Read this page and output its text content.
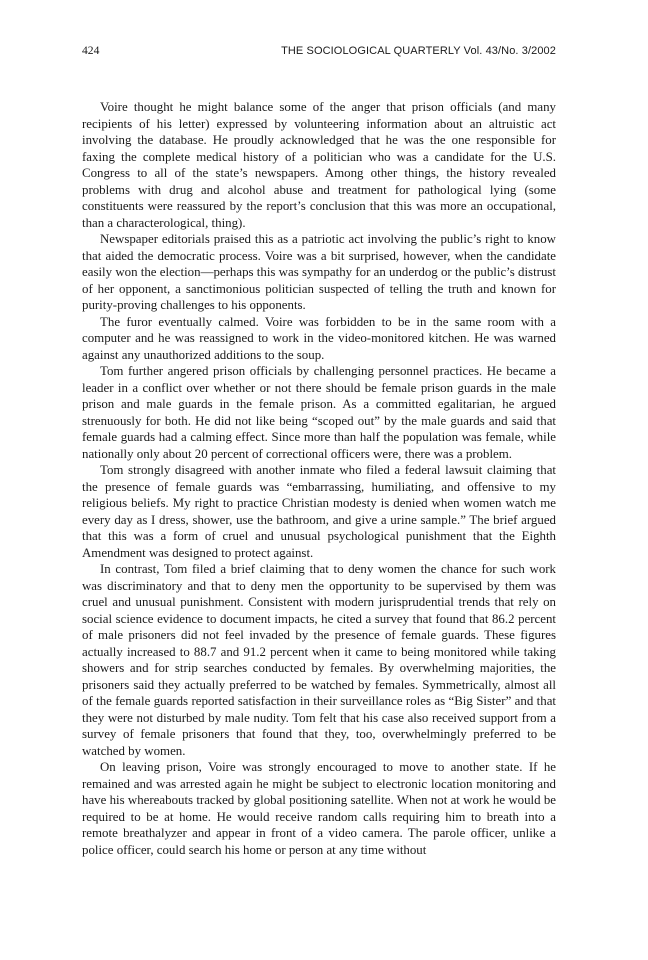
424	THE SOCIOLOGICAL QUARTERLY Vol. 43/No. 3/2002

Voire thought he might balance some of the anger that prison officials (and many recipients of his letter) expressed by volunteering information about an altruistic act involving the database. He proudly acknowledged that he was the one responsible for faxing the complete medical history of a politician who was a candidate for the U.S. Congress to all of the state’s newspapers. Among other things, the history revealed problems with drug and alcohol abuse and treatment for pathological lying (some constituents were reassured by the report’s conclusion that this was more an occupational, than a characterological, thing).

Newspaper editorials praised this as a patriotic act involving the public’s right to know that aided the democratic process. Voire was a bit surprised, however, when the candidate easily won the election—perhaps this was sympathy for an underdog or the public’s distrust of her opponent, a sanctimonious politician suspected of telling the truth and known for purity-proving challenges to his opponents.

The furor eventually calmed. Voire was forbidden to be in the same room with a computer and he was reassigned to work in the video-monitored kitchen. He was warned against any unauthorized additions to the soup.

Tom further angered prison officials by challenging personnel practices. He became a leader in a conflict over whether or not there should be female prison guards in the male prison and male guards in the female prison. As a committed egalitarian, he argued strenuously for both. He did not like being “scoped out” by the male guards and said that female guards had a calming effect. Since more than half the population was female, while nationally only about 20 percent of correctional officers were, there was a problem.

Tom strongly disagreed with another inmate who filed a federal lawsuit claiming that the presence of female guards was “embarrassing, humiliating, and offensive to my religious beliefs. My right to practice Christian modesty is denied when women watch me every day as I dress, shower, use the bathroom, and give a urine sample.” The brief argued that this was a form of cruel and unusual psychological punishment that the Eighth Amendment was designed to protect against.

In contrast, Tom filed a brief claiming that to deny women the chance for such work was discriminatory and that to deny men the opportunity to be supervised by them was cruel and unusual punishment. Consistent with modern jurisprudential trends that rely on social science evidence to document impacts, he cited a survey that found that 86.2 percent of male prisoners did not feel invaded by the presence of female guards. These figures actually increased to 88.7 and 91.2 percent when it came to being monitored while taking showers and for strip searches conducted by females. By overwhelming majorities, the prisoners said they actually preferred to be watched by females. Symmetrically, almost all of the female guards reported satisfaction in their surveillance roles as “Big Sister” and that they were not disturbed by male nudity. Tom felt that his case also received support from a survey of female prisoners that found that they, too, overwhelmingly preferred to be watched by women.

On leaving prison, Voire was strongly encouraged to move to another state. If he remained and was arrested again he might be subject to electronic location monitoring and have his whereabouts tracked by global positioning satellite. When not at work he would be required to be at home. He would receive random calls requiring him to breath into a remote breathalyzer and appear in front of a video camera. The parole officer, unlike a police officer, could search his home or person at any time without
